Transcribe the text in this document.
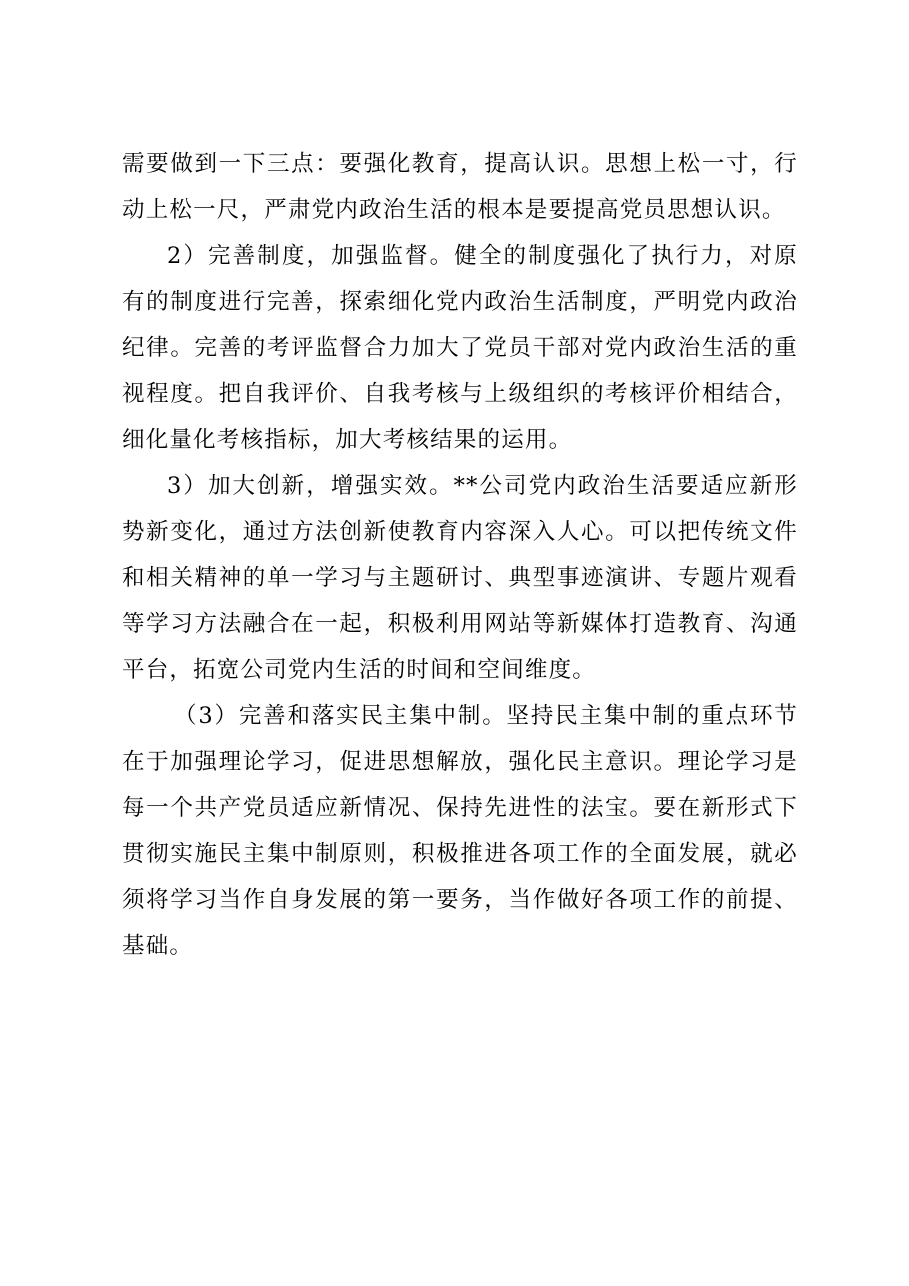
需要做到一下三点：要强化教育，提高认识。思想上松一寸，行动上松一尺，严肃党内政治生活的根本是要提高党员思想认识。

2）完善制度，加强监督。健全的制度强化了执行力，对原有的制度进行完善，探索细化党内政治生活制度，严明党内政治纪律。完善的考评监督合力加大了党员干部对党内政治生活的重视程度。把自我评价、自我考核与上级组织的考核评价相结合，细化量化考核指标，加大考核结果的运用。

3）加大创新，增强实效。**公司党内政治生活要适应新形势新变化，通过方法创新使教育内容深入人心。可以把传统文件和相关精神的单一学习与主题研讨、典型事迹演讲、专题片观看等学习方法融合在一起，积极利用网站等新媒体打造教育、沟通平台，拓宽公司党内生活的时间和空间维度。

（3）完善和落实民主集中制。坚持民主集中制的重点环节在于加强理论学习，促进思想解放，强化民主意识。理论学习是每一个共产党员适应新情况、保持先进性的法宝。要在新形式下贯彻实施民主集中制原则，积极推进各项工作的全面发展，就必须将学习当作自身发展的第一要务，当作做好各项工作的前提、基础。
